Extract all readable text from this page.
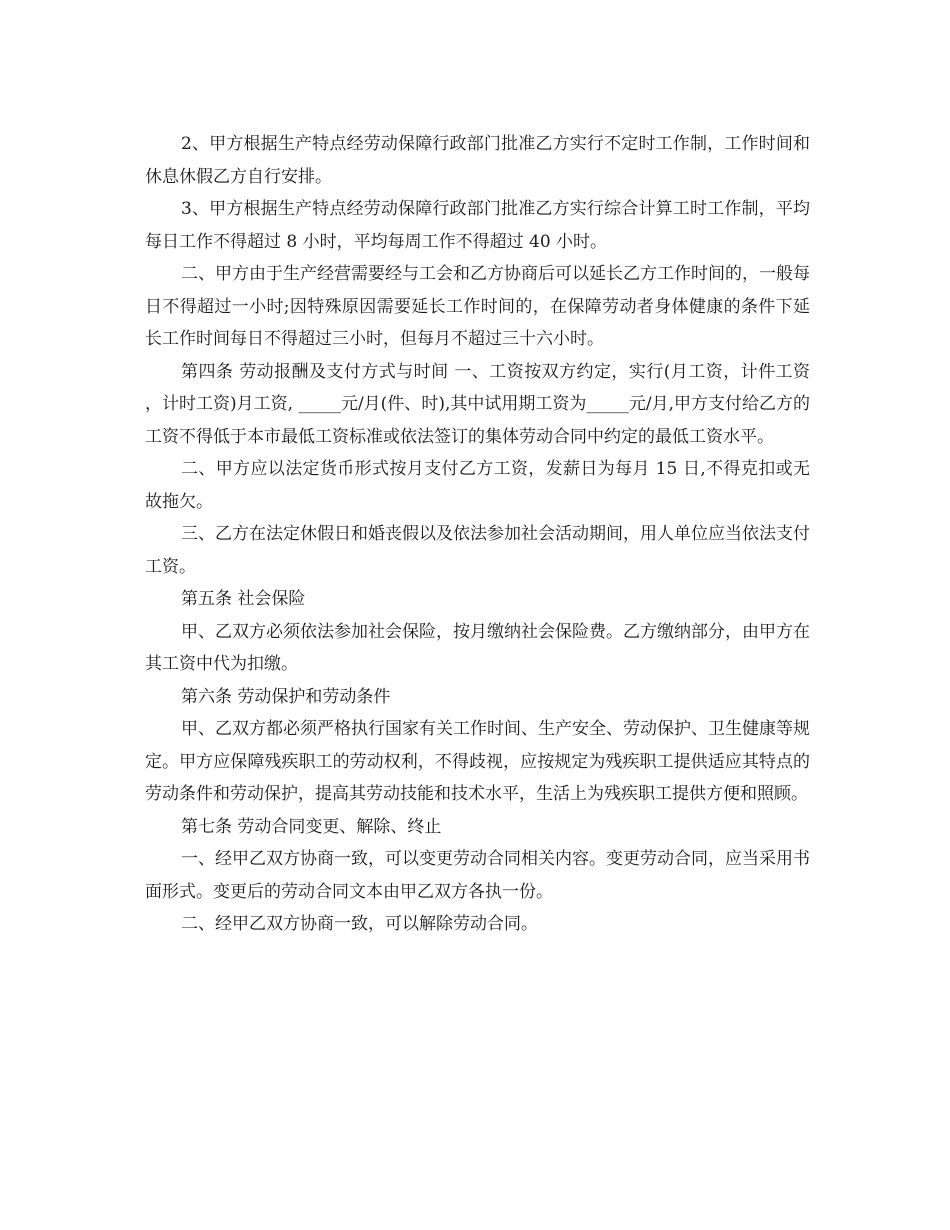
2、甲方根据生产特点经劳动保障行政部门批准乙方实行不定时工作制，工作时间和休息休假乙方自行安排。

3、甲方根据生产特点经劳动保障行政部门批准乙方实行综合计算工时工作制，平均每日工作不得超过 8 小时，平均每周工作不得超过 40 小时。

二、甲方由于生产经营需要经与工会和乙方协商后可以延长乙方工作时间的，一般每日不得超过一小时;因特殊原因需要延长工作时间的，在保障劳动者身体健康的条件下延长工作时间每日不得超过三小时，但每月不超过三十六小时。

第四条 劳动报酬及支付方式与时间 一、工资按双方约定，实行(月工资，计件工资，计时工资)月工资, _____元/月(件、时),其中试用期工资为_____元/月,甲方支付给乙方的工资不得低于本市最低工资标准或依法签订的集体劳动合同中约定的最低工资水平。

二、甲方应以法定货币形式按月支付乙方工资，发薪日为每月 15 日,不得克扣或无故拖欠。

三、乙方在法定休假日和婚丧假以及依法参加社会活动期间，用人单位应当依法支付工资。

第五条 社会保险

甲、乙双方必须依法参加社会保险，按月缴纳社会保险费。乙方缴纳部分，由甲方在其工资中代为扣缴。

第六条 劳动保护和劳动条件

甲、乙双方都必须严格执行国家有关工作时间、生产安全、劳动保护、卫生健康等规定。甲方应保障残疾职工的劳动权利，不得歧视，应按规定为残疾职工提供适应其特点的劳动条件和劳动保护，提高其劳动技能和技术水平，生活上为残疾职工提供方便和照顾。

第七条 劳动合同变更、解除、终止

一、经甲乙双方协商一致，可以变更劳动合同相关内容。变更劳动合同，应当采用书面形式。变更后的劳动合同文本由甲乙双方各执一份。

二、经甲乙双方协商一致，可以解除劳动合同。
